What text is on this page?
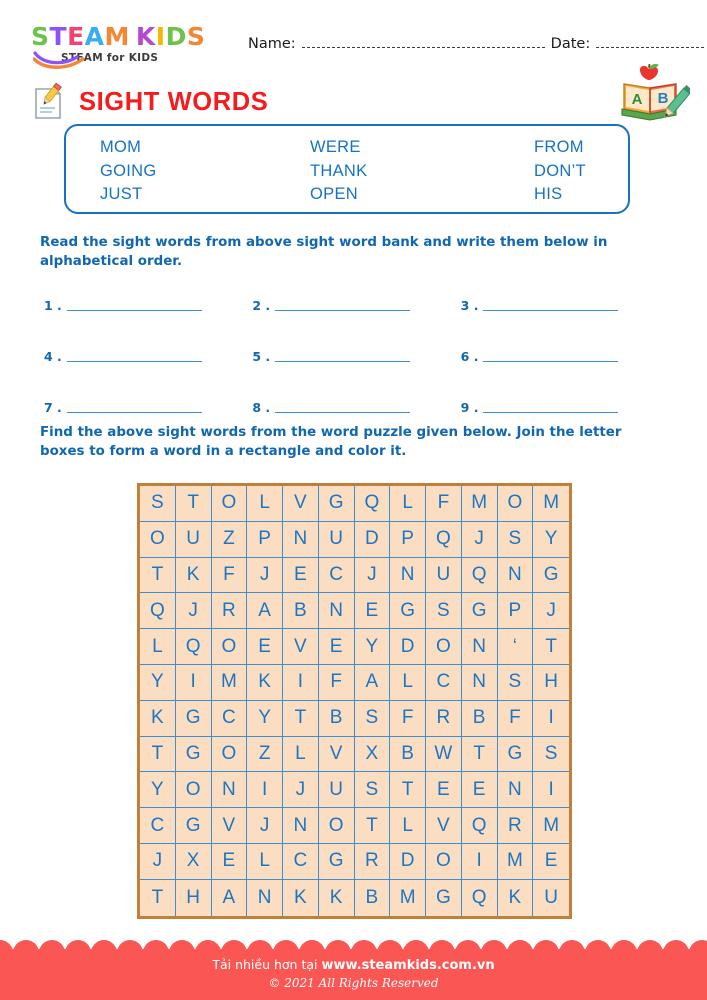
STEAM KIDS
STEAM for KIDS
Name:	Date:
SIGHT WORDS	A B
MOM	WERE	FROM
GOING	THANK	DON’T
JUST	OPEN	HIS
Read the sight words from above sight word bank and write them below in alphabetical order.
1 .	2 .	3 .
4 .	5 .	6 .
7 .	8 .	9 .
Find the above sight words from the word puzzle given below. Join the letter boxes to form a word in a rectangle and color it.
S	T	O	L	V	G	Q	L	F	M	O	M
O	U	Z	P	N	U	D	P	Q	J	S	Y
T	K	F	J	E	C	J	N	U	Q	N	G
Q	J	R	A	B	N	E	G	S	G	P	J
L	Q	O	E	V	E	Y	D	O	N	‘	T
Y	I	M	K	I	F	A	L	C	N	S	H
K	G	C	Y	T	B	S	F	R	B	F	I
T	G	O	Z	L	V	X	B	W	T	G	S
Y	O	N	I	J	U	S	T	E	E	N	I
C	G	V	J	N	O	T	L	V	Q	R	M
J	X	E	L	C	G	R	D	O	I	M	E
T	H	A	N	K	K	B	M	G	Q	K	U
Tải nhiều hơn tại www.steamkids.com.vn
© 2021 All Rights Reserved
